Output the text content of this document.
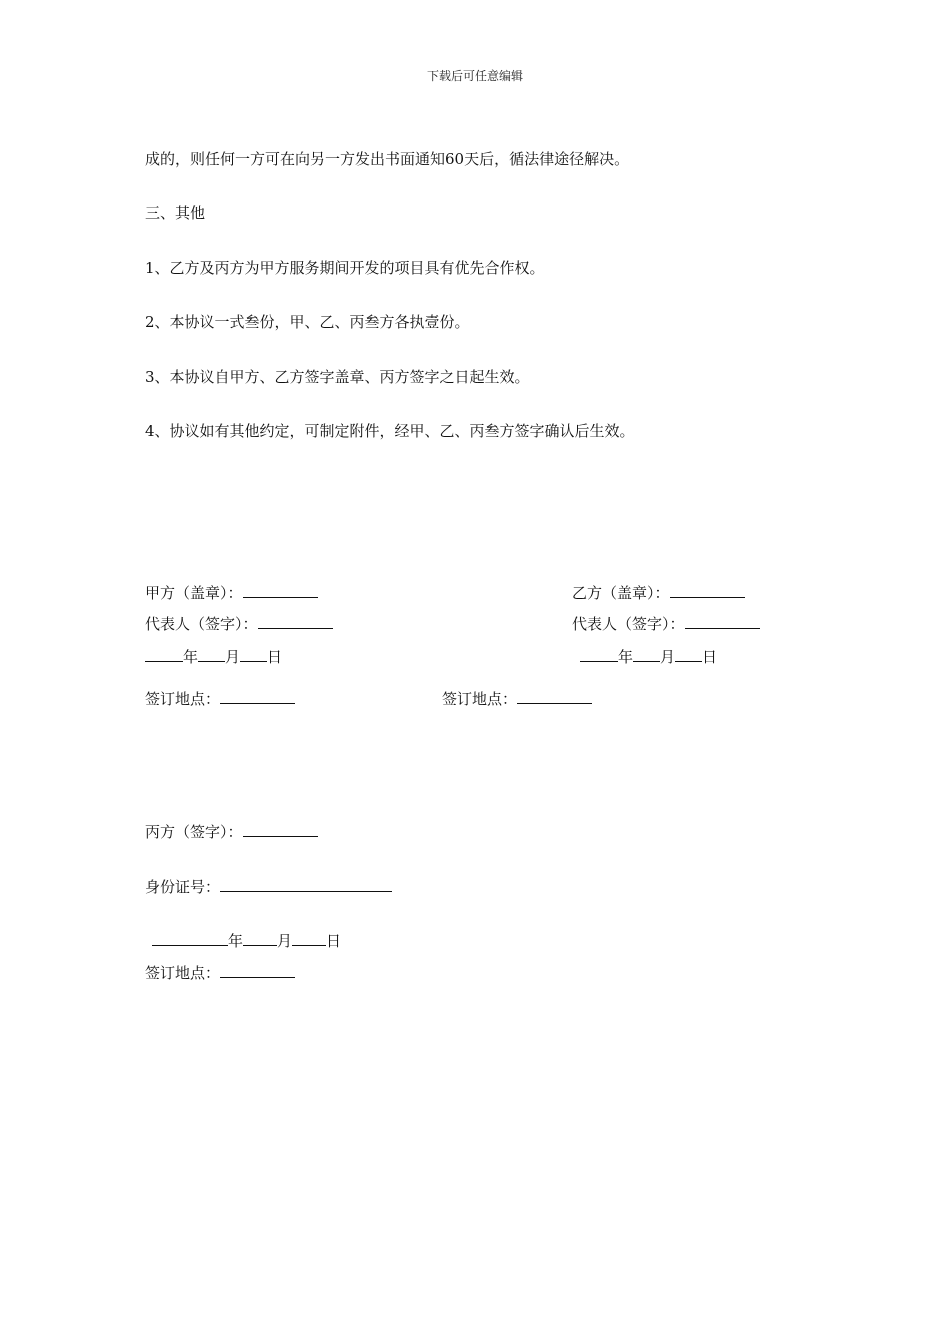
下载后可任意编辑
成的，则任何一方可在向另一方发出书面通知60天后，循法律途径解决。
三、其他
1、乙方及丙方为甲方服务期间开发的项目具有优先合作权。
2、本协议一式叁份，甲、乙、丙叁方各执壹份。
3、本协议自甲方、乙方签字盖章、丙方签字之日起生效。
4、协议如有其他约定，可制定附件，经甲、乙、丙叁方签字确认后生效。
甲方（盖章）：
代表人（签字）：
年 月 日
签订地点：
乙方（盖章）：
代表人（签字）：
年 月 日
签订地点：
丙方（签字）：
身份证号：
年 月 日
签订地点：
